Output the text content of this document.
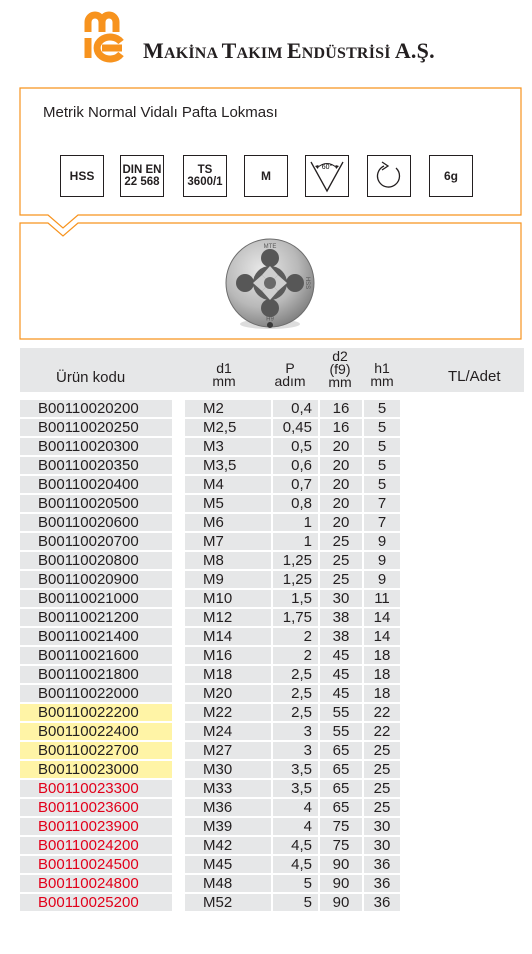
MAKİNA TAKIM ENDÜSTRİSİ A.Ş.
Metrik Normal Vidalı Pafta Lokması
HSS DIN EN
22 568
TS
3600/1	M
60°
6g
MTE
HSS
6H
Ürün kodu
d1
mm
P
adım
d2
(f9)
mm
h1
mm	TL/Adet
B00110020200	M2	0,4	16	5
B00110020250	M2,5	0,45	16	5
B00110020300	M3	0,5	20	5
B00110020350	M3,5	0,6	20	5
B00110020400	M4	0,7	20	5
B00110020500	M5	0,8	20	7
B00110020600	M6	1	20	7
B00110020700	M7	1	25	9
B00110020800	M8	1,25	25	9
B00110020900	M9	1,25	25	9
B00110021000	M10	1,5	30	11
B00110021200	M12	1,75	38	14
B00110021400	M14	2	38	14
B00110021600	M16	2	45	18
B00110021800	M18	2,5	45	18
B00110022000	M20	2,5	45	18
B00110022200	M22	2,5	55	22
B00110022400	M24	3	55	22
B00110022700	M27	3	65	25
B00110023000	M30	3,5	65	25
B00110023300	M33	3,5	65	25
B00110023600	M36	4	65	25
B00110023900	M39	4	75	30
B00110024200	M42	4,5	75	30
B00110024500	M45	4,5	90	36
B00110024800	M48	5	90	36
B00110025200	M52	5	90	36
